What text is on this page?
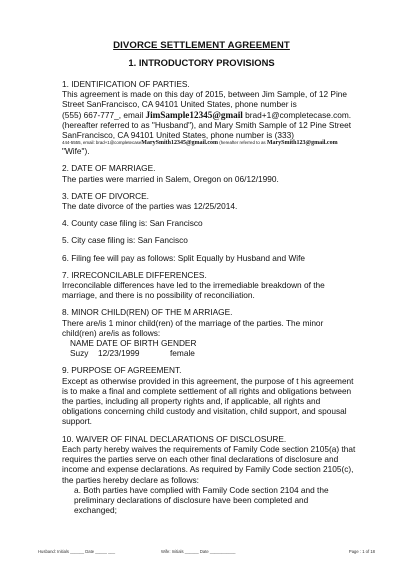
DIVORCE SETTLEMENT AGREEMENT
1. INTRODUCTORY PROVISIONS

1. IDENTIFICATION OF PARTIES.

This agreement is made on this day of 2015, between Jim Sample, of 12 Pine

Street SanFrancisco, CA 94101 United States, phone number is

(555) 667-777_, email JimSample12345@gmail brad+1@completecase.com.

(hereafter referred to as "Husband"), and Mary Smith Sample of 12 Pine Street

SanFrancisco, CA 94101 United States, phone number is (333)

444-5555, email: brad+1@completecaseMarySmith12345@gmail.com (hereafter referred to as MarySmith123@gmail.com

"Wife").

2. DATE OF MARRIAGE.

The parties were married in Salem, Oregon on 06/12/1990.

3. DATE OF DIVORCE.

The date divorce of the parties was 12/25/2014.

4. County case filing is: San Francisco

5. City case filing is: San Fancisco

6. Filing fee will pay as follows: Split Equally by Husband and Wife

7. IRRECONCILABLE DIFFERENCES.

Irreconcilable differences have led to the irremediable breakdown of the

marriage, and there is no possibility of reconciliation.

8. MINOR CHILD(REN) OF THE M ARRIAGE.

There are/is 1 minor child(ren) of the marriage of the parties. The minor

child(ren) are/is as follows:

NAME DATE OF BIRTH GENDER

Suzy	12/23/1999	female

9. PURPOSE OF AGREEMENT.

Except as otherwise provided in this agreement, the purpose of t his agreement

is to make a final and complete settlement of all rights and obligations between

the parties, including all property rights and, if applicable, all rights and

obligations concerning child custody and visitation, child support, and spousal

support.

10. WAIVER OF FINAL DECLARATIONS OF DISCLOSURE.

Each party hereby waives the requirements of Family Code section 2105(a) that

requires the parties serve on each other final declarations of disclosure and

income and expense declarations. As required by Family Code section 2105(c),

the parties hereby declare as follows:

a. Both parties have complied with Family Code section 2104 and the

preliminary declarations of disclosure have been completed and

exchanged;

Husband: Initials ______ Date _____ ___	Wife: Initials ______ Date ___________	Page : 1 of 18
